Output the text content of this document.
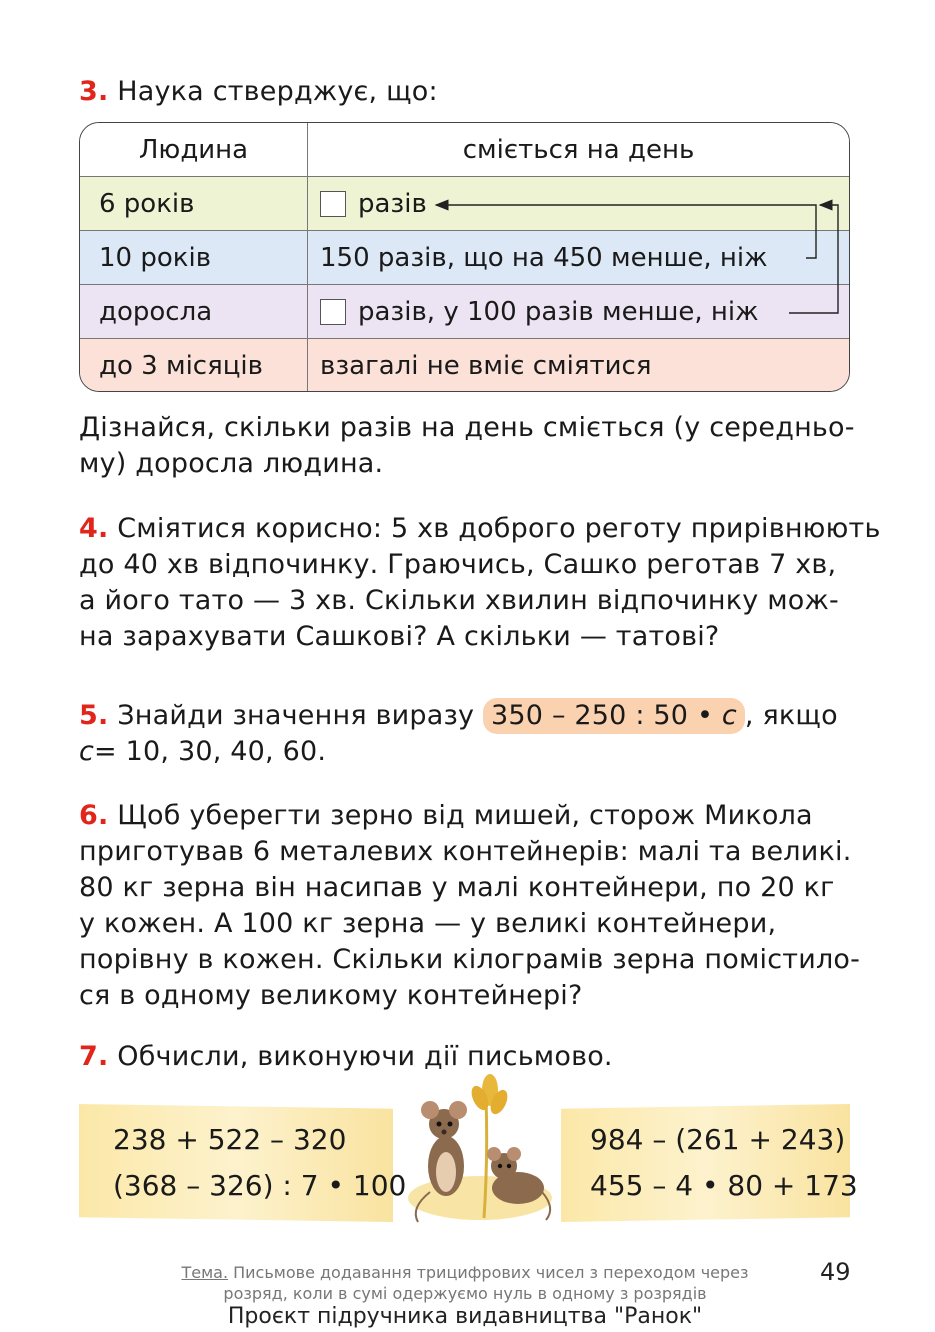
3. Наука стверджує, що:
Людина	сміється на день
6 років	разів
10 років	150 разів, що на 450 менше, ніж
доросла	разів, у 100 разів менше, ніж
до 3 місяців	взагалі не вміє сміятися
Дізнайся, скільки разів на день сміється (у середньо-
му) доросла людина.
4. Сміятися корисно: 5 хв доброго реготу прирівнюють
до 40 хв відпочинку. Граючись, Сашко реготав 7 хв,
а його тато — 3 хв. Скільки хвилин відпочинку мож-
на зарахувати Сашкові? А скільки — татові?
5. Знайди значення виразу 350 – 250 : 50 • c , якщо
c= 10, 30, 40, 60.
6. Щоб уберегти зерно від мишей, сторож Микола
приготував 6 металевих контейнерів: малі та великі.
80 кг зерна він насипав у малі контейнери, по 20 кг
у кожен. А 100 кг зерна — у великі контейнери,
порівну в кожен. Скільки кілограмів зерна помістило-
ся в одному великому контейнері?
7. Обчисли, виконуючи дії письмово.
238 + 522 – 320
(368 – 326) : 7 • 100
984 – (261 + 243)
455 – 4 • 80 + 173
Тема. Письмове додавання трицифрових чисел з переходом через
розряд, коли в сумі одержуємо нуль в одному з розрядів
49
Проєкт підручника видавництва "Ранок"
